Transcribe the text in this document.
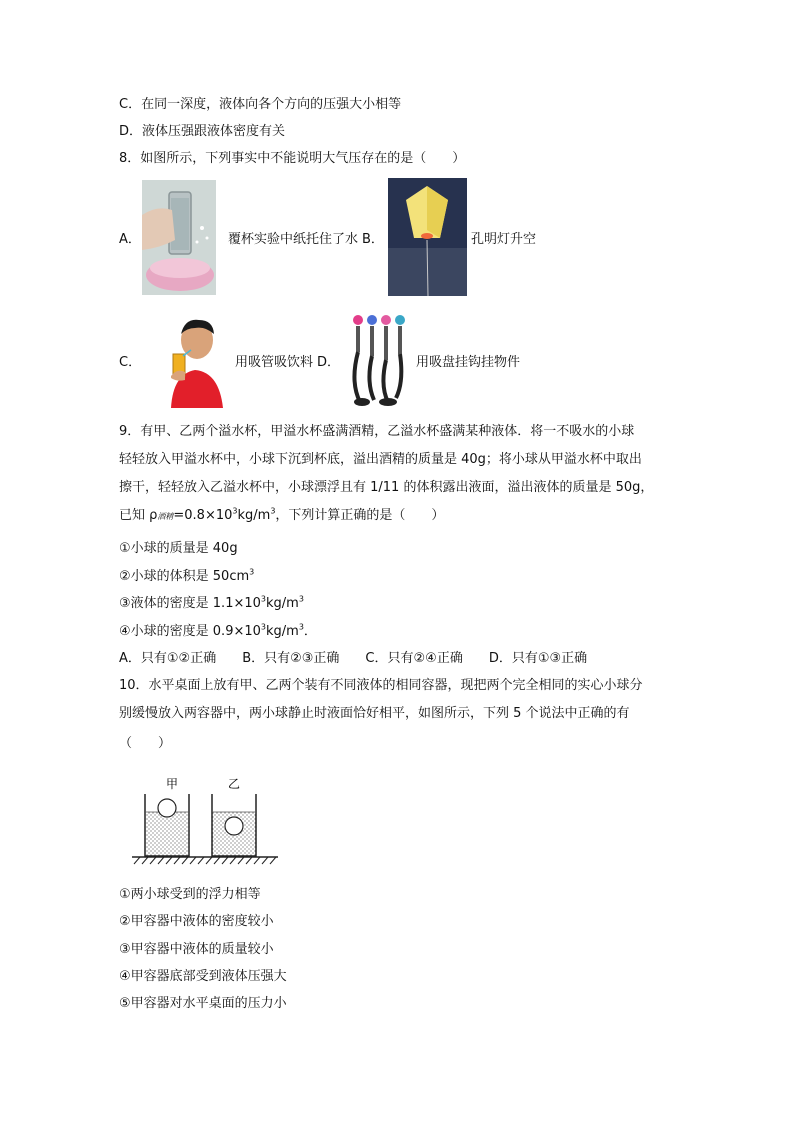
C．在同一深度，液体向各个方向的压强大小相等
D．液体压强跟液体密度有关
8．如图所示，下列事实中不能说明大气压存在的是（　　）
A．	覆杯实验中纸托住了水 B．	孔明灯升空
C．	用吸管吸饮料 D．	用吸盘挂钩挂物件
9．有甲、乙两个溢水杯，甲溢水杯盛满酒精，乙溢水杯盛满某种液体．将一不吸水的小球
轻轻放入甲溢水杯中，小球下沉到杯底，溢出酒精的质量是 40g；将小球从甲溢水杯中取出
擦干，轻轻放入乙溢水杯中，小球漂浮且有 1/11 的体积露出液面，溢出液体的质量是 50g，
已知 ρ酒精$=0.8\times 10^3kg/m^3$，下列计算正确的是（　　）
①小球的质量是 40g
②小球的体积是 $50cm^3$
③液体的密度是 $1.1\times 10^3kg/m^3$
④小球的密度是 $0.9\times 10^3kg/m^3$．
A．只有①②正确　　B．只有②③正确　　C．只有②④正确　　D．只有①③正确
10．水平桌面上放有甲、乙两个装有不同液体的相同容器，现把两个完全相同的实心小球分
别缓慢放入两容器中，两小球静止时液面恰好相平，如图所示，下列 5 个说法中正确的有
（　　）
甲	乙
①两小球受到的浮力相等
②甲容器中液体的密度较小
③甲容器中液体的质量较小
④甲容器底部受到液体压强大
⑤甲容器对水平桌面的压力小
